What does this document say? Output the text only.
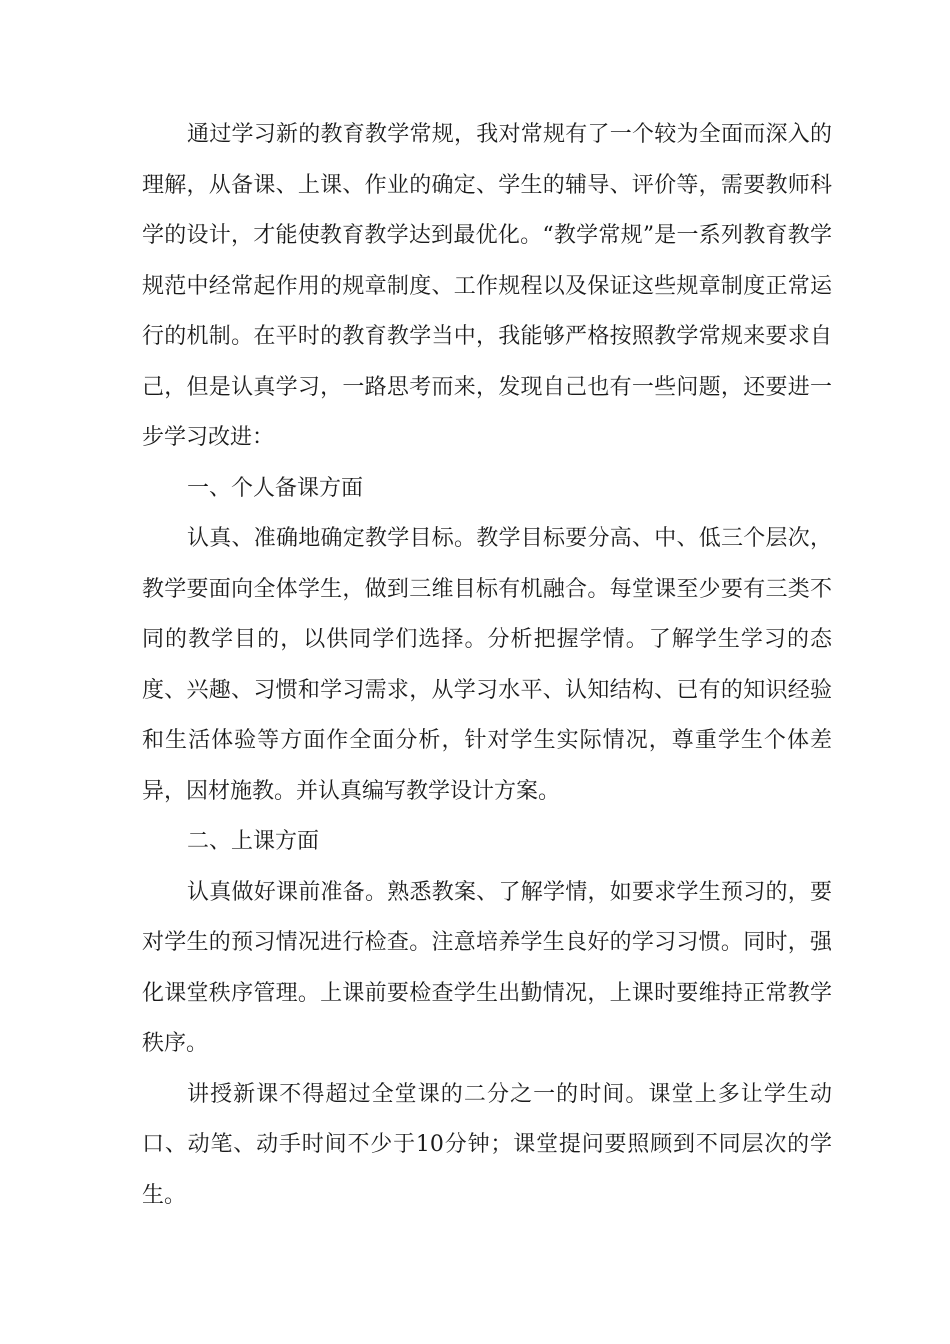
通过学习新的教育教学常规，我对常规有了一个较为全面而深入的理解，从备课、上课、作业的确定、学生的辅导、评价等，需要教师科学的设计，才能使教育教学达到最优化。“教学常规”是一系列教育教学规范中经常起作用的规章制度、工作规程以及保证这些规章制度正常运行的机制。在平时的教育教学当中，我能够严格按照教学常规来要求自己，但是认真学习，一路思考而来，发现自己也有一些问题，还要进一步学习改进：

一、个人备课方面

认真、准确地确定教学目标。教学目标要分高、中、低三个层次，教学要面向全体学生，做到三维目标有机融合。每堂课至少要有三类不同的教学目的，以供同学们选择。分析把握学情。了解学生学习的态度、兴趣、习惯和学习需求，从学习水平、认知结构、已有的知识经验和生活体验等方面作全面分析，针对学生实际情况，尊重学生个体差异，因材施教。并认真编写教学设计方案。

二、上课方面

认真做好课前准备。熟悉教案、了解学情，如要求学生预习的，要对学生的预习情况进行检查。注意培养学生良好的学习习惯。同时，强化课堂秩序管理。上课前要检查学生出勤情况，上课时要维持正常教学秩序。

讲授新课不得超过全堂课的二分之一的时间。课堂上多让学生动口、动笔、动手时间不少于10分钟；课堂提问要照顾到不同层次的学生。
